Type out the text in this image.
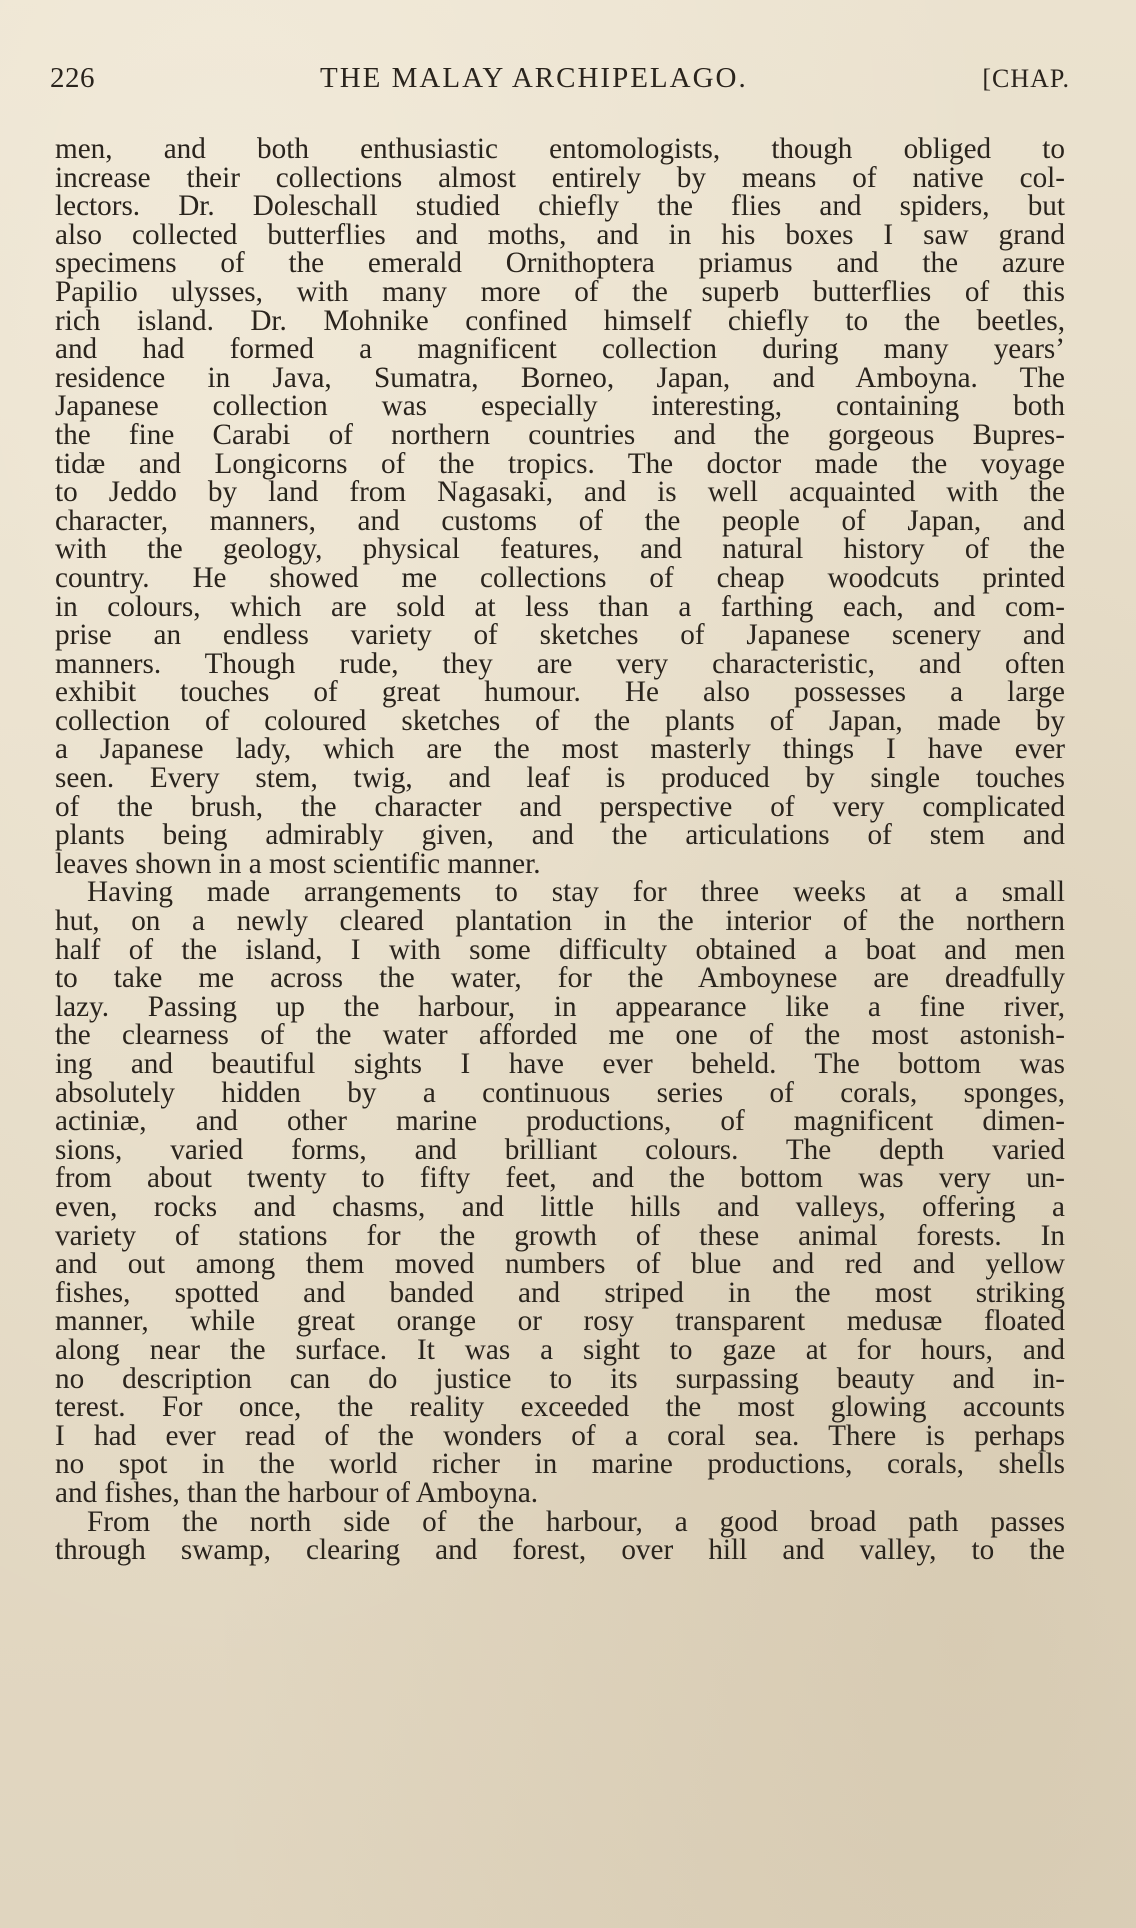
226	THE MALAY ARCHIPELAGO.	[CHAP.
men, and both enthusiastic entomologists, though obliged to
increase their collections almost entirely by means of native col-
lectors. Dr. Doleschall studied chiefly the flies and spiders, but
also collected butterflies and moths, and in his boxes I saw grand
specimens of the emerald Ornithoptera priamus and the azure
Papilio ulysses, with many more of the superb butterflies of this
rich island. Dr. Mohnike confined himself chiefly to the beetles,
and had formed a magnificent collection during many years’
residence in Java, Sumatra, Borneo, Japan, and Amboyna. The
Japanese collection was especially interesting, containing both
the fine Carabi of northern countries and the gorgeous Bupres-
tidæ and Longicorns of the tropics. The doctor made the voyage
to Jeddo by land from Nagasaki, and is well acquainted with the
character, manners, and customs of the people of Japan, and
with the geology, physical features, and natural history of the
country. He showed me collections of cheap woodcuts printed
in colours, which are sold at less than a farthing each, and com-
prise an endless variety of sketches of Japanese scenery and
manners. Though rude, they are very characteristic, and often
exhibit touches of great humour. He also possesses a large
collection of coloured sketches of the plants of Japan, made by
a Japanese lady, which are the most masterly things I have ever
seen. Every stem, twig, and leaf is produced by single touches
of the brush, the character and perspective of very complicated
plants being admirably given, and the articulations of stem and
leaves shown in a most scientific manner.
Having made arrangements to stay for three weeks at a small
hut, on a newly cleared plantation in the interior of the northern
half of the island, I with some difficulty obtained a boat and men
to take me across the water, for the Amboynese are dreadfully
lazy. Passing up the harbour, in appearance like a fine river,
the clearness of the water afforded me one of the most astonish-
ing and beautiful sights I have ever beheld. The bottom was
absolutely hidden by a continuous series of corals, sponges,
actiniæ, and other marine productions, of magnificent dimen-
sions, varied forms, and brilliant colours. The depth varied
from about twenty to fifty feet, and the bottom was very un-
even, rocks and chasms, and little hills and valleys, offering a
variety of stations for the growth of these animal forests. In
and out among them moved numbers of blue and red and yellow
fishes, spotted and banded and striped in the most striking
manner, while great orange or rosy transparent medusæ floated
along near the surface. It was a sight to gaze at for hours, and
no description can do justice to its surpassing beauty and in-
terest. For once, the reality exceeded the most glowing accounts
I had ever read of the wonders of a coral sea. There is perhaps
no spot in the world richer in marine productions, corals, shells
and fishes, than the harbour of Amboyna.
From the north side of the harbour, a good broad path passes
through swamp, clearing and forest, over hill and valley, to the
